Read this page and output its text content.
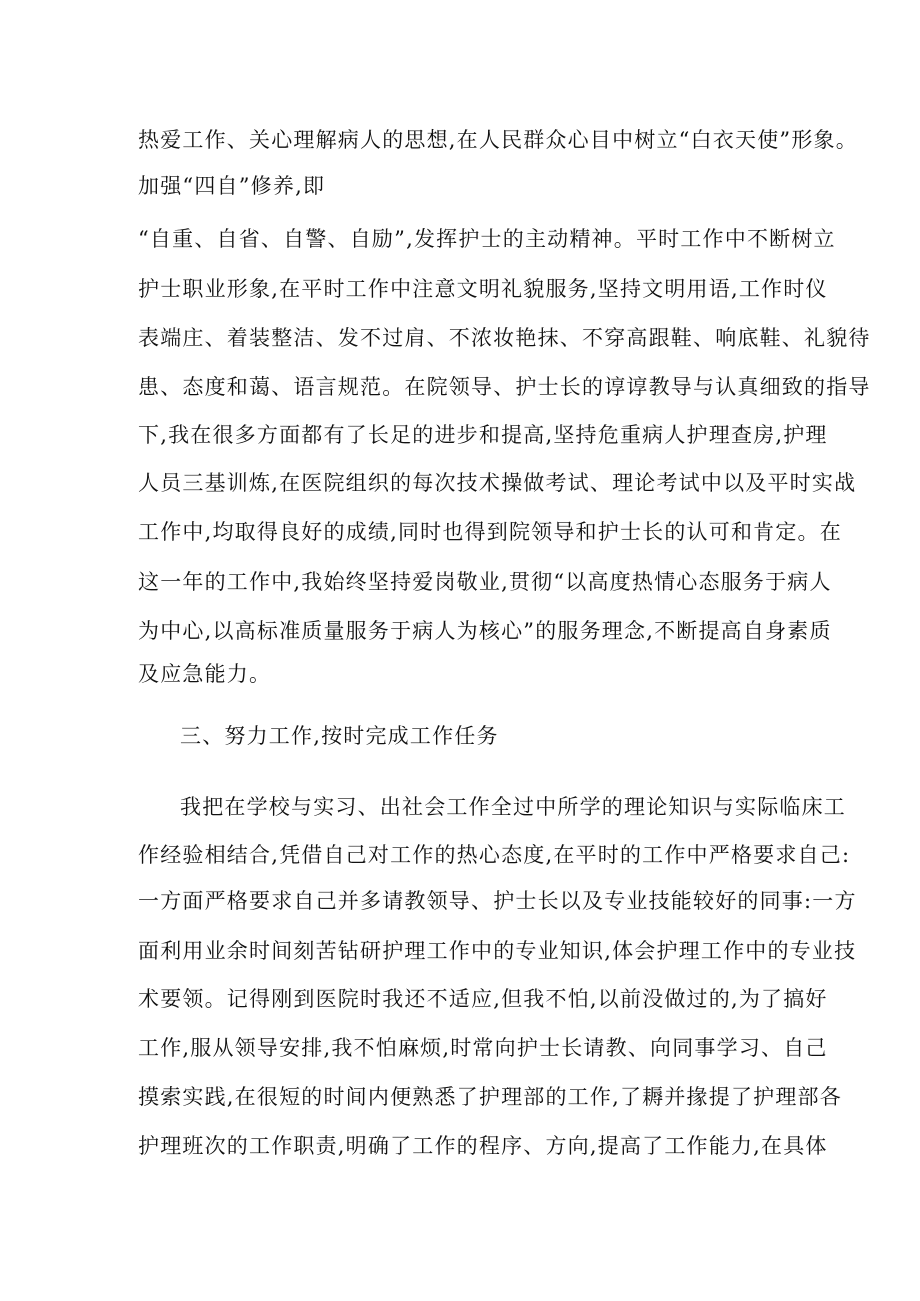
热爱工作、关心理解病人的思想,在人民群众心目中树立“白衣天使”形象。
加强“四自”修养,即
“自重、自省、自警、自励”,发挥护士的主动精神。平时工作中不断树立
护士职业形象,在平时工作中注意文明礼貌服务,坚持文明用语,工作时仪
表端庄、着装整洁、发不过肩、不浓妆艳抹、不穿高跟鞋、响底鞋、礼貌待
患、态度和蔼、语言规范。在院领导、护士长的谆谆教导与认真细致的指导
下,我在很多方面都有了长足的进步和提高,坚持危重病人护理查房,护理
人员三基训炼,在医院组织的每次技术操做考试、理论考试中以及平时实战
工作中,均取得良好的成绩,同时也得到院领导和护士长的认可和肯定。在
这一年的工作中,我始终坚持爱岗敬业,贯彻“以高度热情心态服务于病人
为中心,以高标准质量服务于病人为核心”的服务理念,不断提高自身素质
及应急能力。
三、努力工作,按时完成工作任务
我把在学校与实习、出社会工作全过中所学的理论知识与实际临床工
作经验相结合,凭借自己对工作的热心态度,在平时的工作中严格要求自己:
一方面严格要求自己并多请教领导、护士长以及专业技能较好的同事:一方
面利用业余时间刻苦钻研护理工作中的专业知识,体会护理工作中的专业技
术要领。记得刚到医院时我还不适应,但我不怕,以前没做过的,为了搞好
工作,服从领导安排,我不怕麻烦,时常向护士长请教、向同事学习、自己
摸索实践,在很短的时间内便熟悉了护理部的工作,了耨并掾提了护理部各
护理班次的工作职责,明确了工作的程序、方向,提高了工作能力,在具体
